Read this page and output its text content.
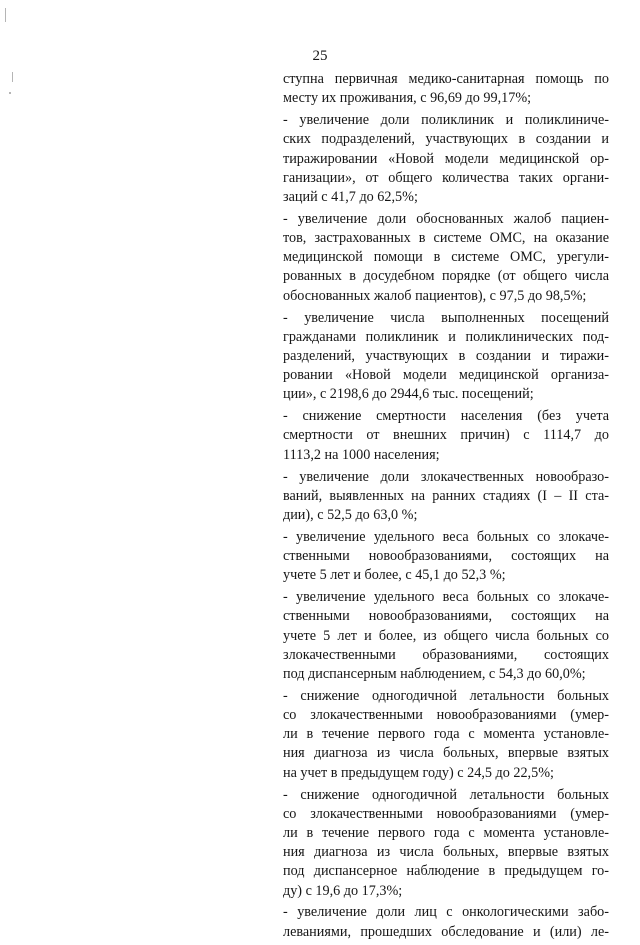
25
ступна первичная медико-санитарная помощь по
месту их проживания, с 96,69 до 99,17%;
- увеличение доли поликлиник и поликлиниче-
ских подразделений, участвующих в создании и
тиражировании «Новой модели медицинской ор-
ганизации», от общего количества таких органи-
заций с 41,7 до 62,5%;
- увеличение доли обоснованных жалоб пациен-
тов, застрахованных в системе ОМС, на оказание
медицинской помощи в системе ОМС, урегули-
рованных в досудебном порядке (от общего числа
обоснованных жалоб пациентов), с 97,5 до 98,5%;
- увеличение числа выполненных посещений
гражданами поликлиник и поликлинических под-
разделений, участвующих в создании и тиражи-
ровании «Новой модели медицинской организа-
ции», с 2198,6 до 2944,6 тыс. посещений;
- снижение смертности населения (без учета
смертности от внешних причин) с 1114,7 до
1113,2 на 1000 населения;
- увеличение доли злокачественных новообразо-
ваний, выявленных на ранних стадиях (I – II ста-
дии), с 52,5 до 63,0 %;
- увеличение удельного веса больных со злокаче-
ственными новообразованиями, состоящих на
учете 5 лет и более, с 45,1 до 52,3 %;
- увеличение удельного веса больных со злокаче-
ственными новообразованиями, состоящих на
учете 5 лет и более, из общего числа больных со
злокачественными образованиями, состоящих
под диспансерным наблюдением, с 54,3 до 60,0%;
- снижение одногодичной летальности больных
со злокачественными новообразованиями (умер-
ли в течение первого года с момента установле-
ния диагноза из числа больных, впервые взятых
на учет в предыдущем году) с 24,5 до 22,5%;
- снижение одногодичной летальности больных
со злокачественными новообразованиями (умер-
ли в течение первого года с момента установле-
ния диагноза из числа больных, впервые взятых
под диспансерное наблюдение в предыдущем го-
ду) с 19,6 до 17,3%;
- увеличение доли лиц с онкологическими забо-
леваниями, прошедших обследование и (или) ле-
